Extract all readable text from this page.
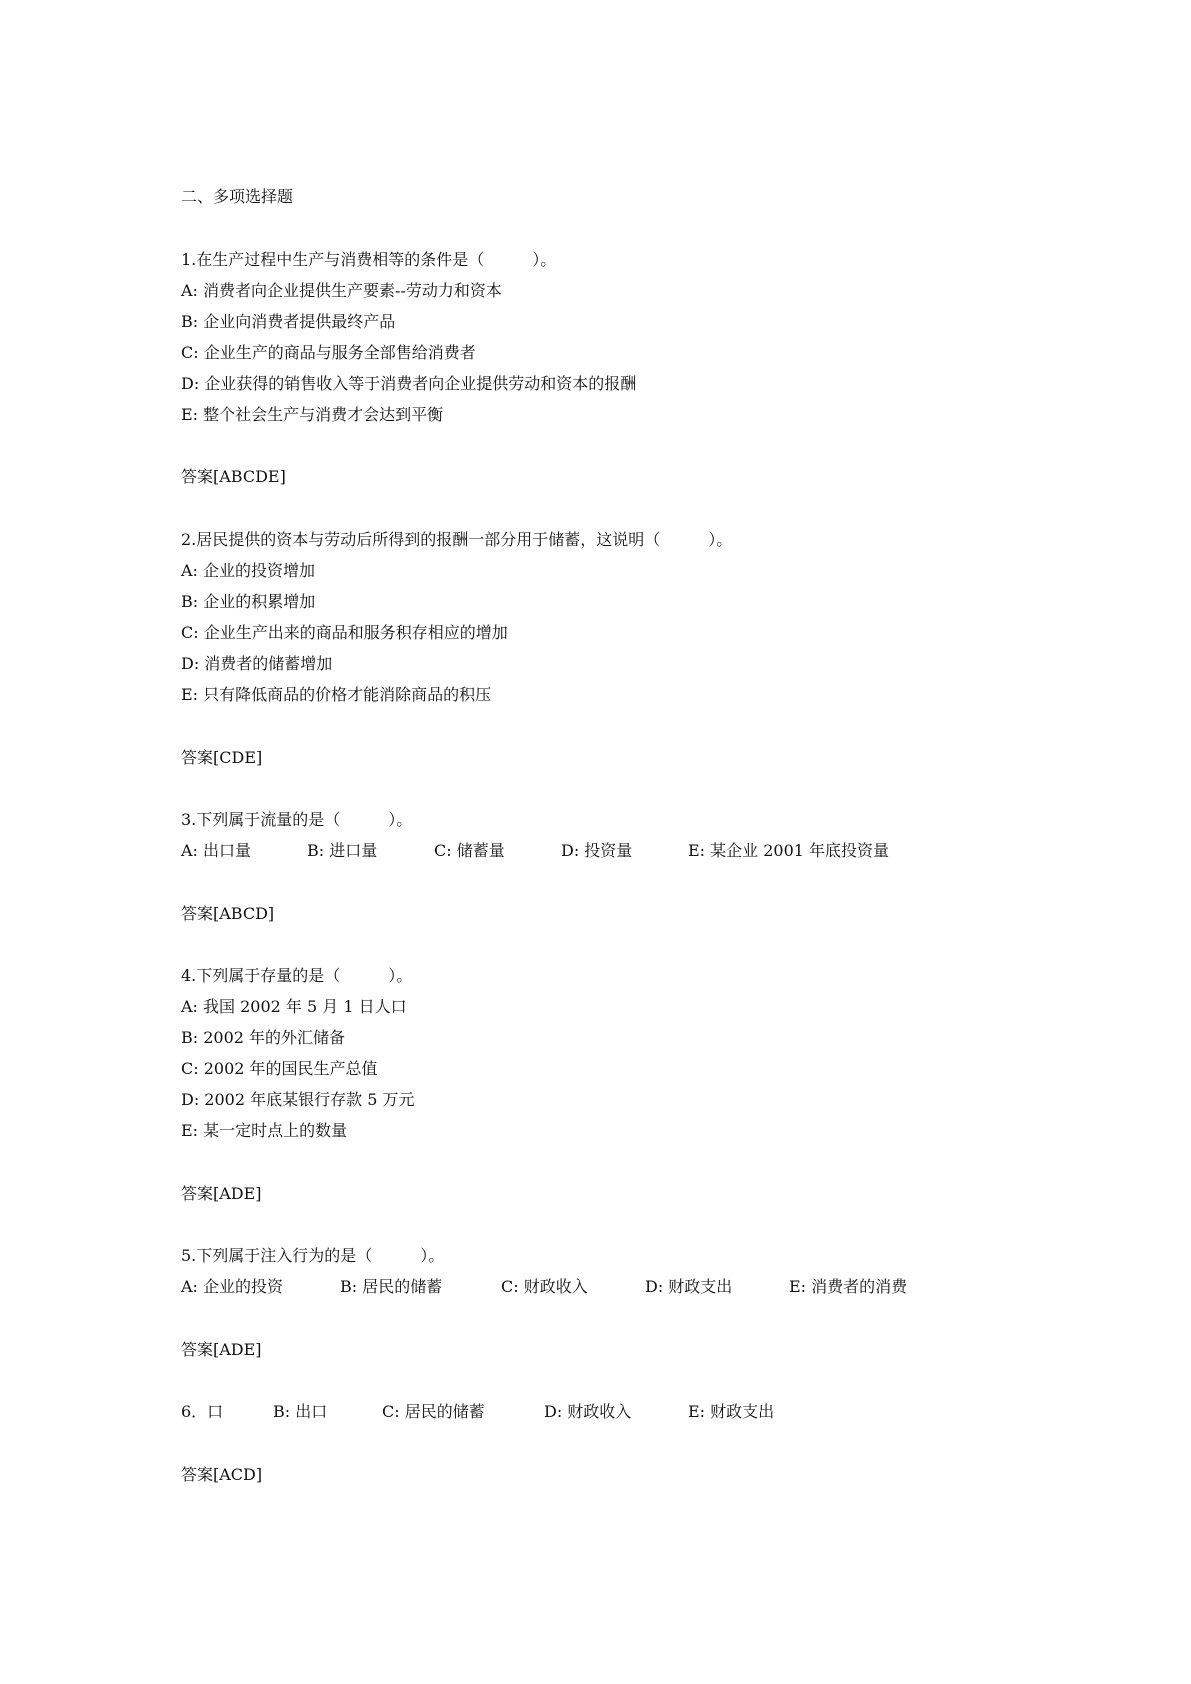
二、多项选择题
1.在生产过程中生产与消费相等的条件是（　　　）。
A: 消费者向企业提供生产要素--劳动力和资本
B: 企业向消费者提供最终产品
C: 企业生产的商品与服务全部售给消费者
D: 企业获得的销售收入等于消费者向企业提供劳动和资本的报酬
E: 整个社会生产与消费才会达到平衡
答案[ABCDE]
2.居民提供的资本与劳动后所得到的报酬一部分用于储蓄，这说明（　　　）。
A: 企业的投资增加
B: 企业的积累增加
C: 企业生产出来的商品和服务积存相应的增加
D: 消费者的储蓄增加
E: 只有降低商品的价格才能消除商品的积压
答案[CDE]
3.下列属于流量的是（　　　）。
A: 出口量	B: 进口量	C: 储蓄量	D: 投资量	E: 某企业 2001 年底投资量
答案[ABCD]
4.下列属于存量的是（　　　）。
A: 我国 2002 年 5 月 1 日人口
B: 2002 年的外汇储备
C: 2002 年的国民生产总值
D: 2002 年底某银行存款 5 万元
E: 某一定时点上的数量
答案[ADE]
5.下列属于注入行为的是（　　　）。
A: 企业的投资	B: 居民的储蓄	C: 财政收入	D: 财政支出	E: 消费者的消费
答案[ADE]
6．口	B: 出口	C: 居民的储蓄	D: 财政收入	E: 财政支出
答案[ACD]
